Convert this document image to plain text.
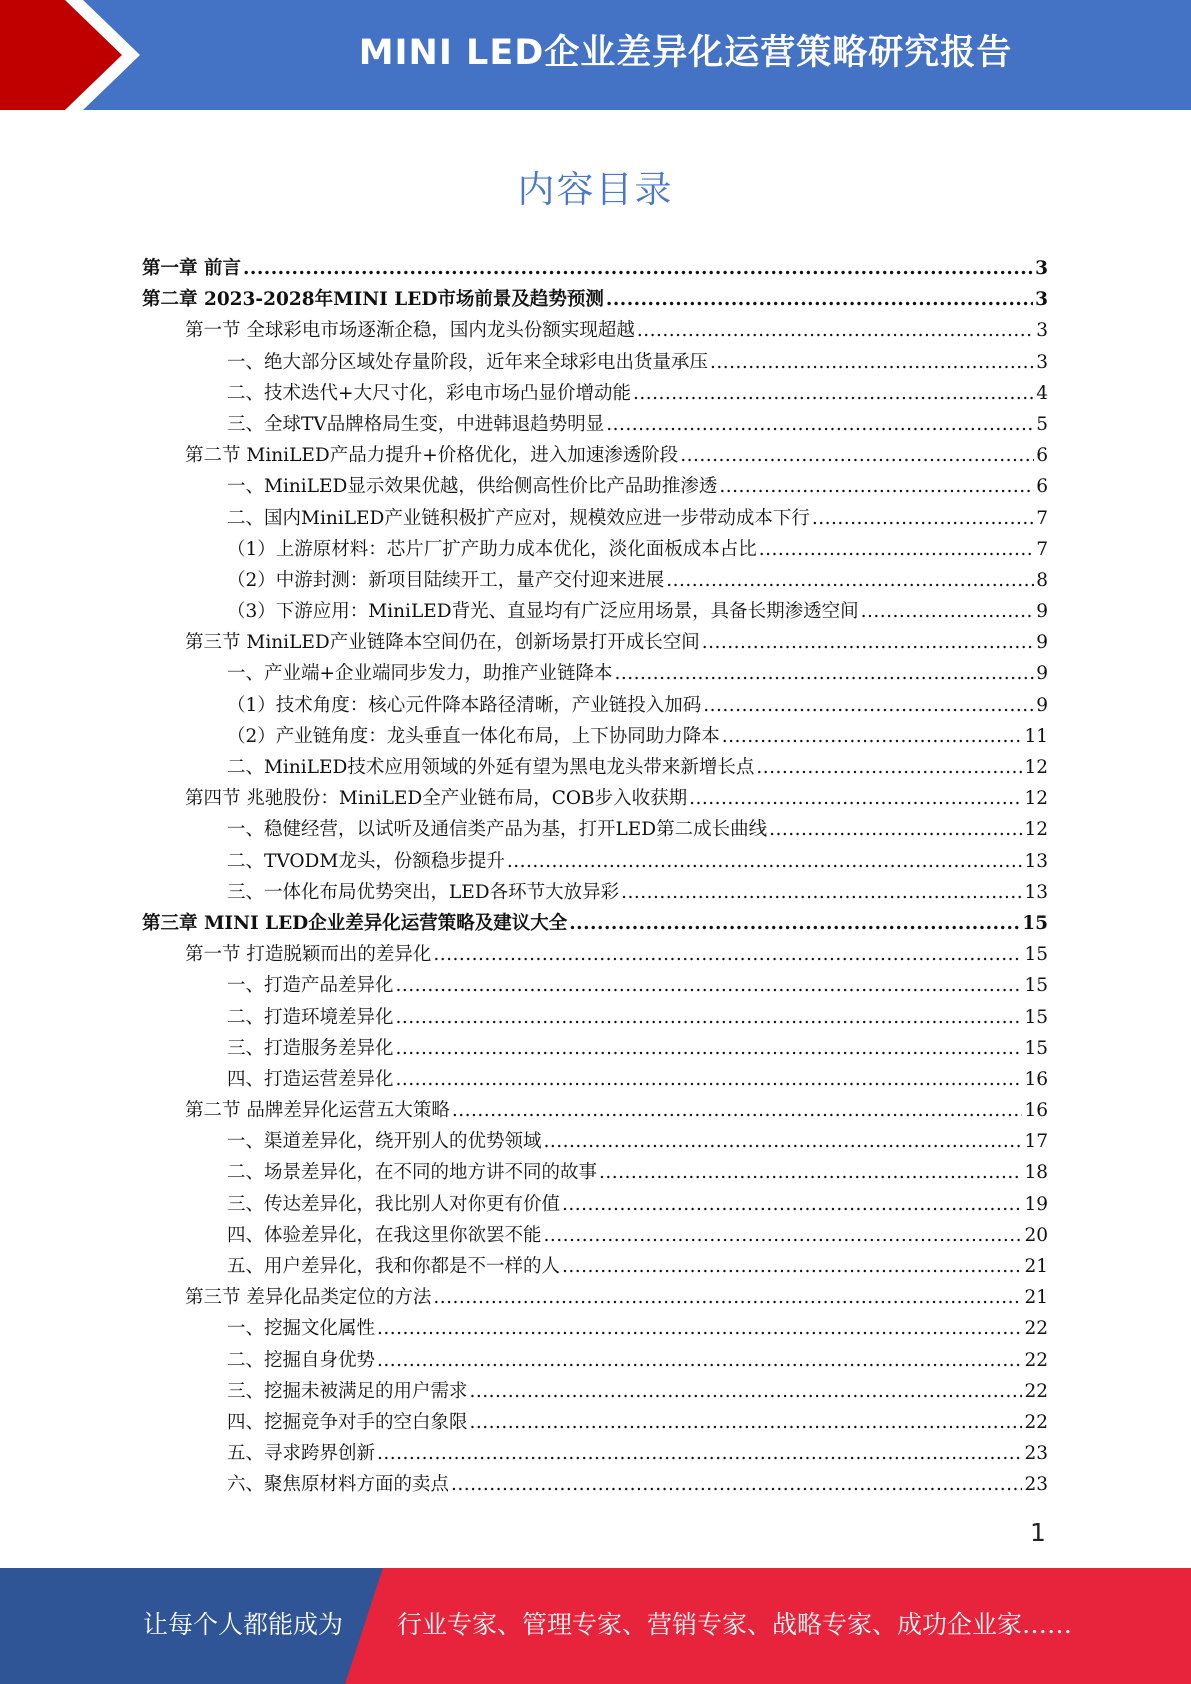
MINI LED企业差异化运营策略研究报告
内容目录
第一章 前言 .....	3
第二章 2023-2028年MINI LED市场前景及趋势预测 .....	3
第一节 全球彩电市场逐渐企稳，国内龙头份额实现超越 .....	3
一、绝大部分区域处存量阶段，近年来全球彩电出货量承压 .....	3
二、技术迭代+大尺寸化，彩电市场凸显价增动能 .....	4
三、全球TV品牌格局生变，中进韩退趋势明显 .....	5
第二节 MiniLED产品力提升+价格优化，进入加速渗透阶段 .....	6
一、MiniLED显示效果优越，供给侧高性价比产品助推渗透 .....	6
二、国内MiniLED产业链积极扩产应对，规模效应进一步带动成本下行 .....	7
（1）上游原材料：芯片厂扩产助力成本优化，淡化面板成本占比 .....	7
（2）中游封测：新项目陆续开工，量产交付迎来进展 .....	8
（3）下游应用：MiniLED背光、直显均有广泛应用场景，具备长期渗透空间 .....	9
第三节 MiniLED产业链降本空间仍在，创新场景打开成长空间 .....	9
一、产业端+企业端同步发力，助推产业链降本 .....	9
（1）技术角度：核心元件降本路径清晰，产业链投入加码 .....	9
（2）产业链角度：龙头垂直一体化布局，上下协同助力降本 .....	11
二、MiniLED技术应用领域的外延有望为黑电龙头带来新增长点 .....	12
第四节 兆驰股份：MiniLED全产业链布局，COB步入收获期 .....	12
一、稳健经营，以试听及通信类产品为基，打开LED第二成长曲线 .....	12
二、TVODM龙头，份额稳步提升 .....	13
三、一体化布局优势突出，LED各环节大放异彩 .....	13
第三章 MINI LED企业差异化运营策略及建议大全 .....	15
第一节 打造脱颖而出的差异化 .....	15
一、打造产品差异化 .....	15
二、打造环境差异化 .....	15
三、打造服务差异化 .....	15
四、打造运营差异化 .....	16
第二节 品牌差异化运营五大策略 .....	16
一、渠道差异化，绕开别人的优势领域 .....	17
二、场景差异化，在不同的地方讲不同的故事 .....	18
三、传达差异化，我比别人对你更有价值 .....	19
四、体验差异化，在我这里你欲罢不能 .....	20
五、用户差异化，我和你都是不一样的人 .....	21
第三节 差异化品类定位的方法 .....	21
一、挖掘文化属性 .....	22
二、挖掘自身优势 .....	22
三、挖掘未被满足的用户需求 .....	22
四、挖掘竞争对手的空白象限 .....	22
五、寻求跨界创新 .....	23
六、聚焦原材料方面的卖点 .....	23
1
让每个人都能成为 行业专家、管理专家、营销专家、战略专家、成功企业家……
